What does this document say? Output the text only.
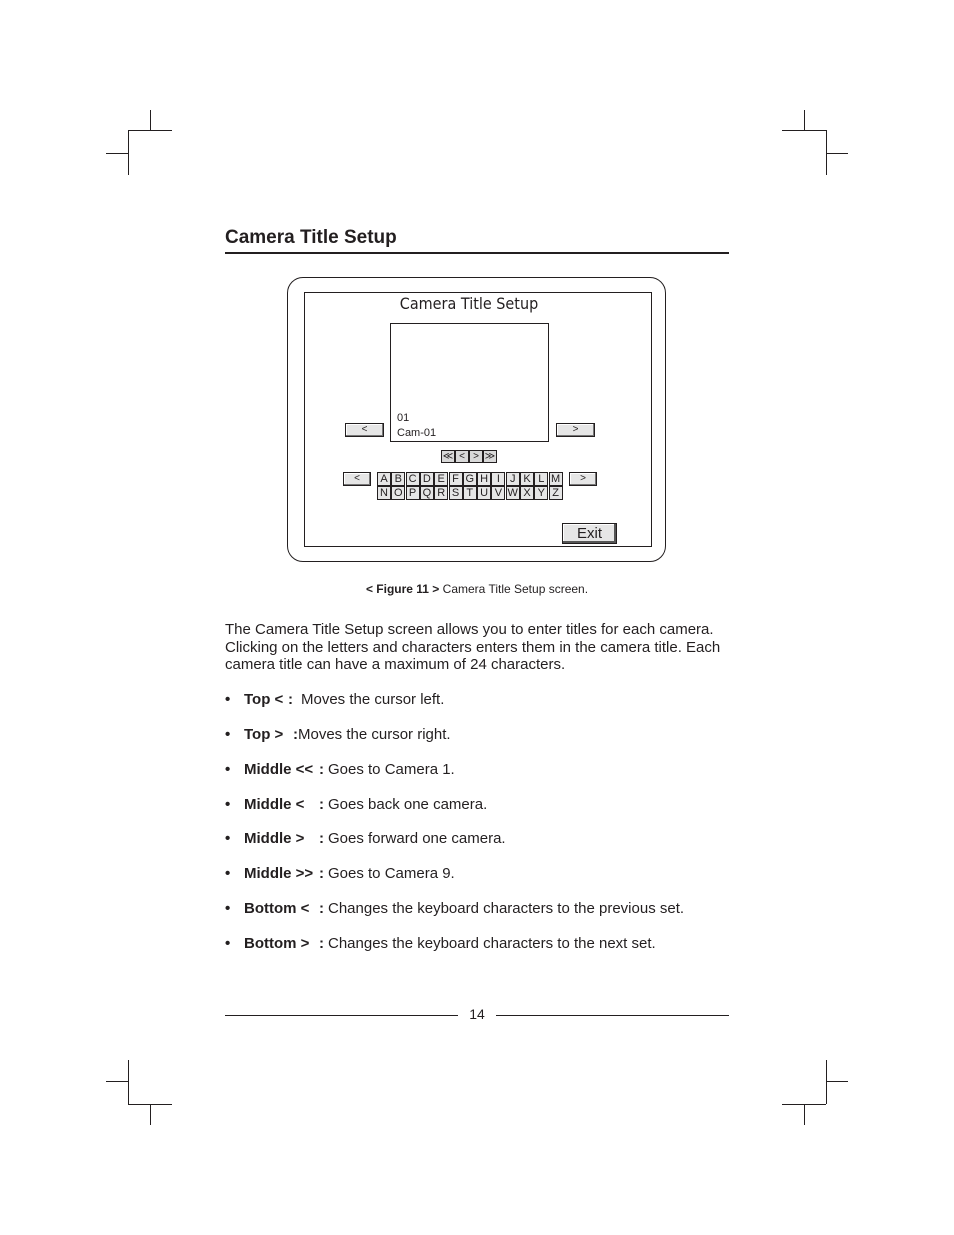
Camera Title Setup
Camera Title Setup
01
Cam-01
<	>
≪ < > ≫
<	>
A B C D E F G H I J K L M
N O P Q R S T U V W X Y Z
Exit
< Figure 11 > Camera Title Setup screen.
The Camera Title Setup screen allows you to enter titles for each camera. Clicking on the letters and characters enters them in the camera title. Each camera title can have a maximum of 24 characters.
• Top < : Moves the cursor left.
• Top > : Moves the cursor right.
• Middle << : Goes to Camera 1.
• Middle < : Goes back one camera.
• Middle > : Goes forward one camera.
• Middle >> : Goes to Camera 9.
• Bottom < : Changes the keyboard characters to the previous set.
• Bottom > : Changes the keyboard characters to the next set.
14
